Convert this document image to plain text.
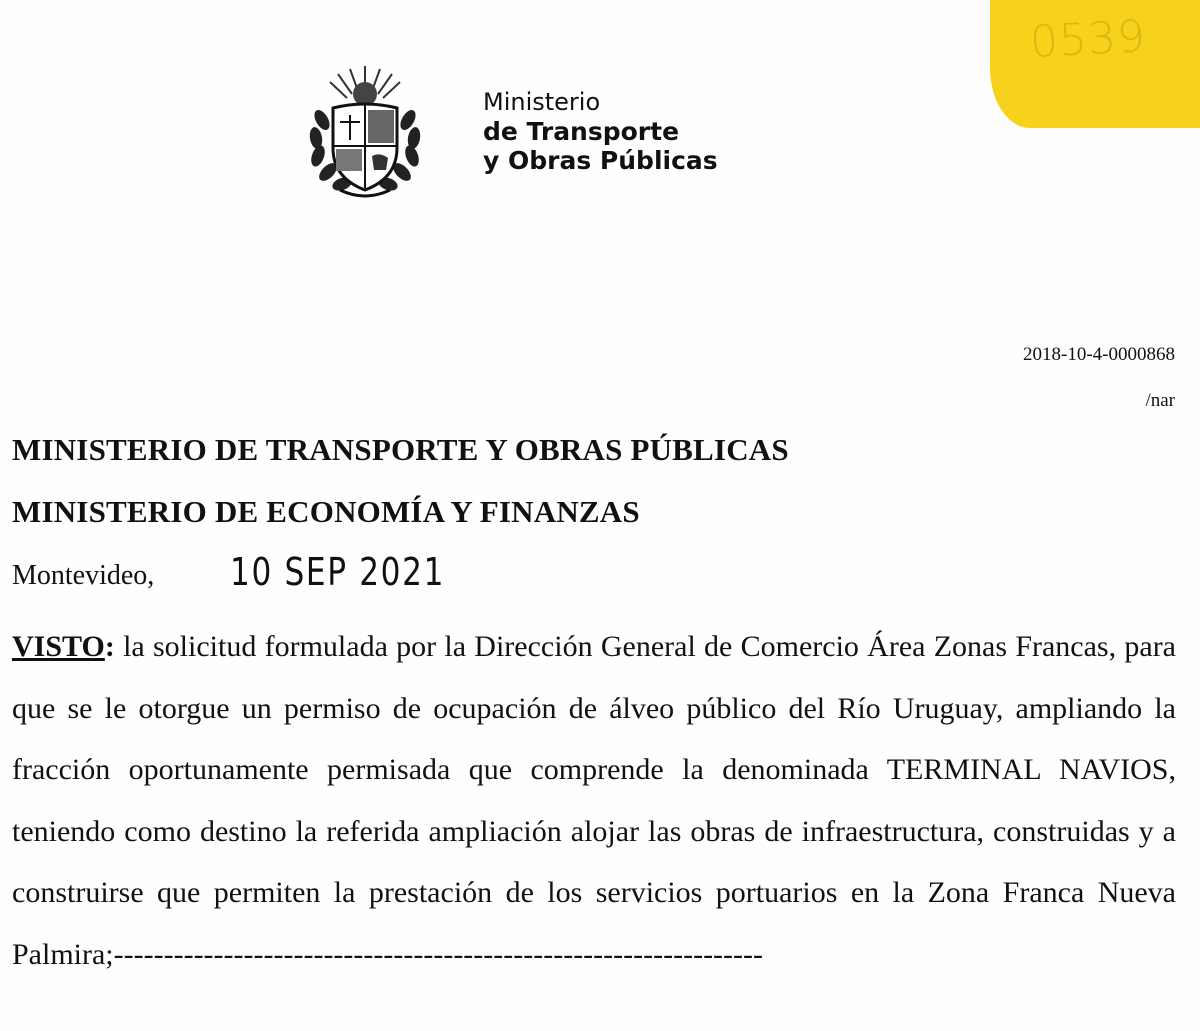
0539
Ministerio
de Transporte
y Obras Públicas
2018-10-4-0000868
/nar
MINISTERIO DE TRANSPORTE Y OBRAS PÚBLICAS
MINISTERIO DE ECONOMÍA Y FINANZAS
Montevideo, 10 SEP 2021
VISTO: la solicitud formulada por la Dirección General de Comercio Área Zonas Francas, para que se le otorgue un permiso de ocupación de álveo público del Río Uruguay, ampliando la fracción oportunamente permisada que comprende la denominada TERMINAL NAVIOS, teniendo como destino la referida ampliación alojar las obras de infraestructura, construidas y a construirse que permiten la prestación de los servicios portuarios en la Zona Franca Nueva Palmira;-----------------------------------------------------------------
